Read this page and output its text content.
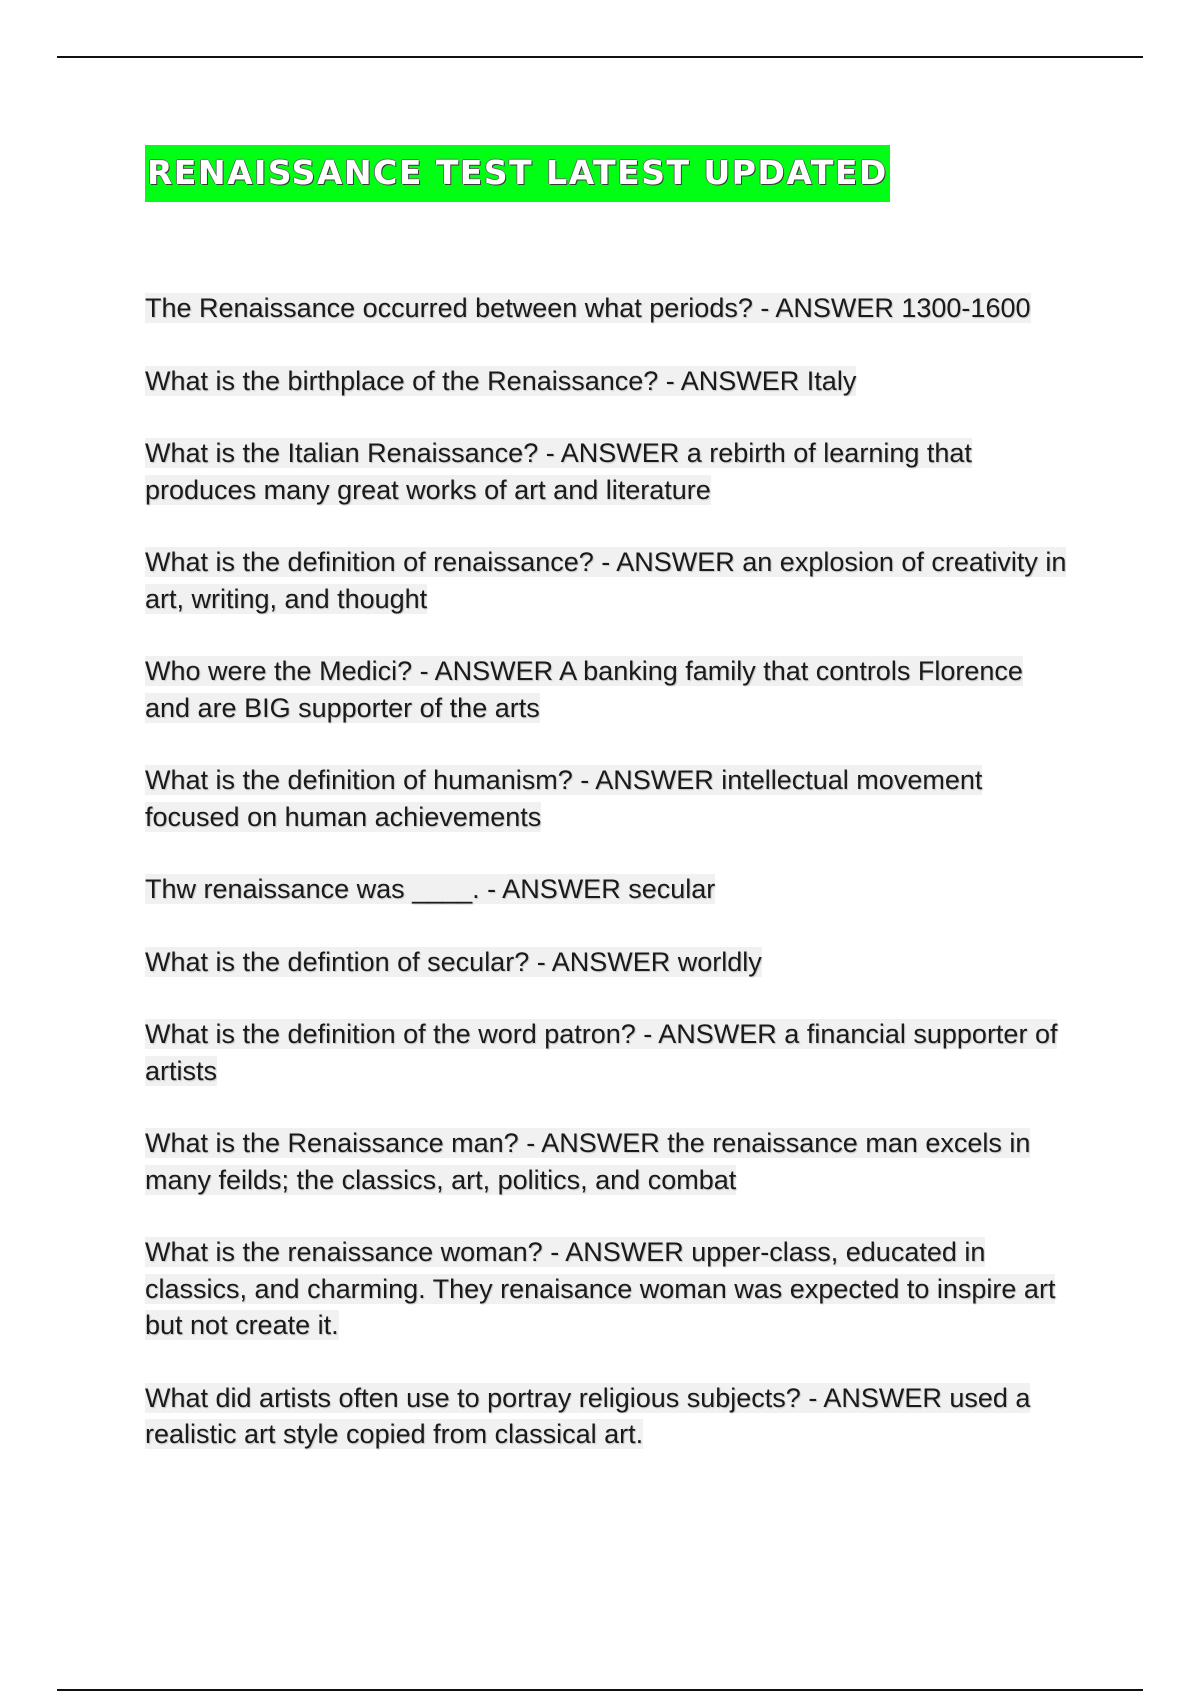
RENAISSANCE TEST LATEST UPDATED
The Renaissance occurred between what periods? - ANSWER 1300-1600
What is the birthplace of the Renaissance? - ANSWER Italy
What is the Italian Renaissance? - ANSWER a rebirth of learning that produces many great works of art and literature
What is the definition of renaissance? - ANSWER an explosion of creativity in art, writing, and thought
Who were the Medici? - ANSWER A banking family that controls Florence and are BIG supporter of the arts
What is the definition of humanism? - ANSWER intellectual movement focused on human achievements
Thw renaissance was ____. - ANSWER secular
What is the defintion of secular? - ANSWER worldly
What is the definition of the word patron? - ANSWER a financial supporter of artists
What is the Renaissance man? - ANSWER the renaissance man excels in many feilds; the classics, art, politics, and combat
What is the renaissance woman? - ANSWER upper-class, educated in classics, and charming. They renaisance woman was expected to inspire art but not create it.
What did artists often use to portray religious subjects? - ANSWER used a realistic art style copied from classical art.
